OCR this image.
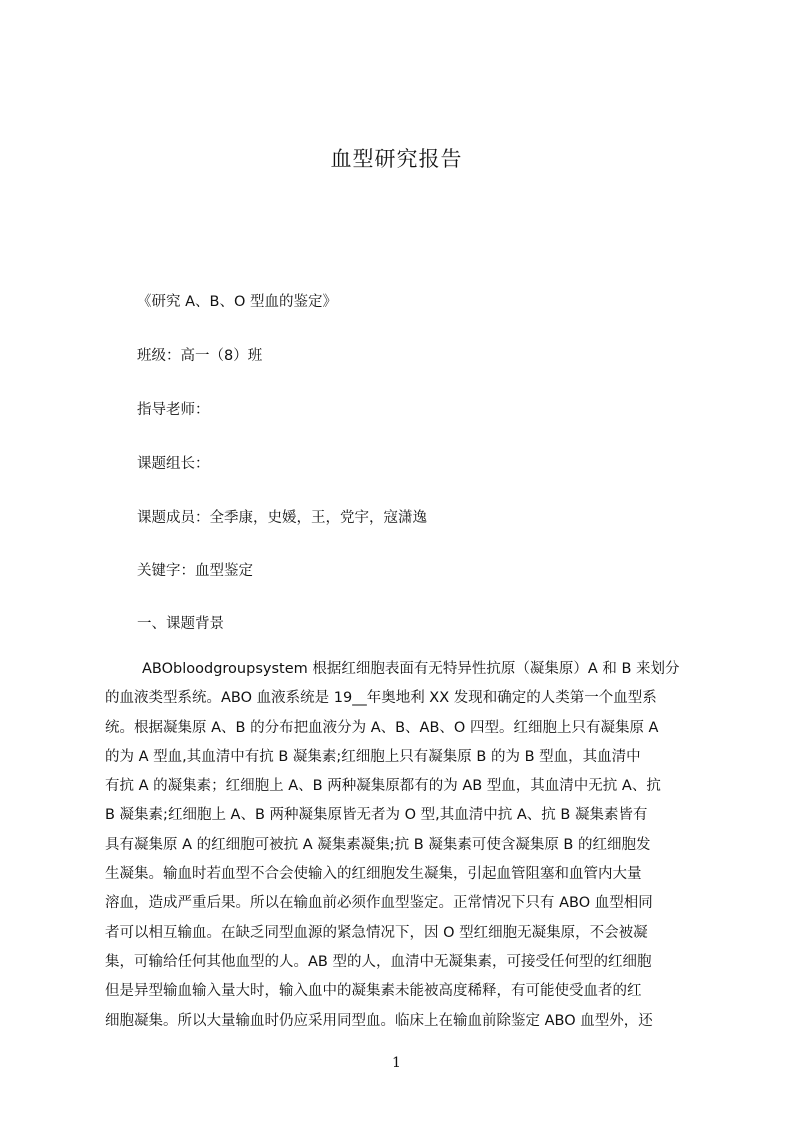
血型研究报告

《研究 A、B、O 型血的鉴定》

班级：高一（8）班

指导老师：

课题组长：

课题成员：全季康，史媛，王，党宇，寇潇逸

关键字：血型鉴定

一、课题背景

ABObloodgroupsystem 根据红细胞表面有无特异性抗原（凝集原）A 和 B 来划分
的血液类型系统。ABO 血液系统是 19__年奥地利 XX 发现和确定的人类第一个血型系
统。根据凝集原 A、B 的分布把血液分为 A、B、AB、O 四型。红细胞上只有凝集原 A
的为 A 型血,其血清中有抗 B 凝集素;红细胞上只有凝集原 B 的为 B 型血，其血清中
有抗 A 的凝集素；红细胞上 A、B 两种凝集原都有的为 AB 型血，其血清中无抗 A、抗
B 凝集素;红细胞上 A、B 两种凝集原皆无者为 O 型,其血清中抗 A、抗 B 凝集素皆有
具有凝集原 A 的红细胞可被抗 A 凝集素凝集;抗 B 凝集素可使含凝集原 B 的红细胞发
生凝集。输血时若血型不合会使输入的红细胞发生凝集，引起血管阻塞和血管内大量
溶血，造成严重后果。所以在输血前必须作血型鉴定。正常情况下只有 ABO 血型相同
者可以相互输血。在缺乏同型血源的紧急情况下，因 O 型红细胞无凝集原，不会被凝
集，可输给任何其他血型的人。AB 型的人，血清中无凝集素，可接受任何型的红细胞
但是异型输血输入量大时，输入血中的凝集素未能被高度稀释，有可能使受血者的红
细胞凝集。所以大量输血时仍应采用同型血。临床上在输血前除鉴定 ABO 血型外，还
1
